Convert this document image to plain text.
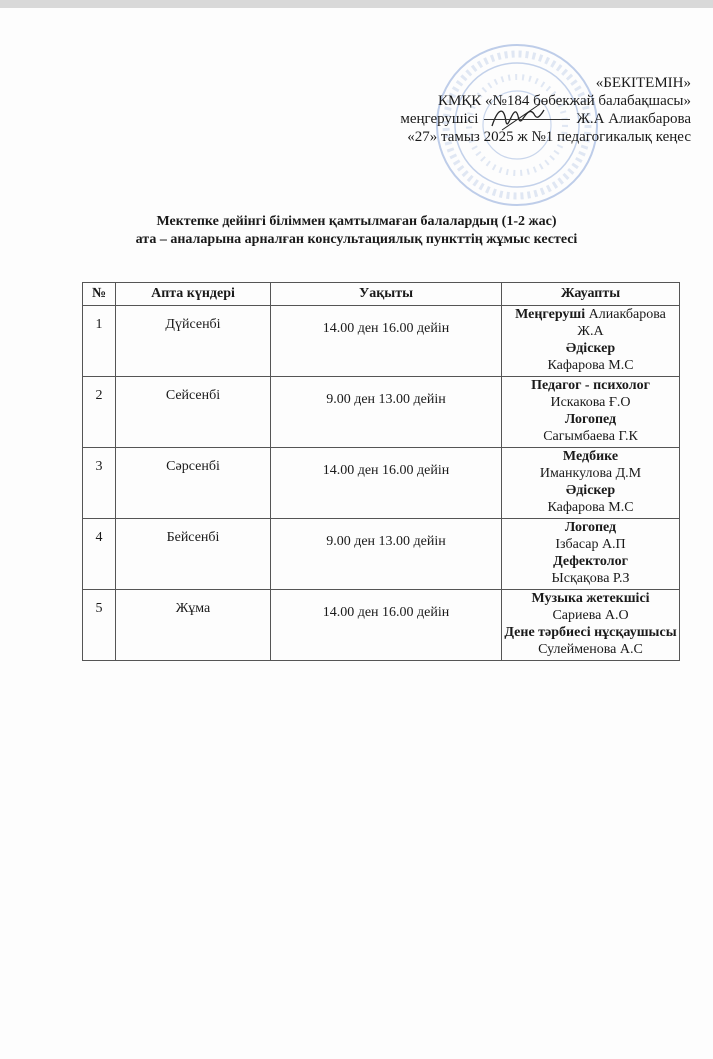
«БЕКІТЕМІН»
КМҚК «№184 бөбекжай балабақшасы»
меңгерушісі	Ж.А Алиакбарова
«27» тамыз 2025 ж №1 педагогикалық кеңес
Мектепке дейінгі біліммен қамтылмаған балалардың (1-2 жас)
ата – аналарына арналған консультациялық пункттің жұмыс кестесі
№	Апта күндері	Уақыты	Жауапты

1	Дүйсенбі	14.00 ден 16.00 дейін	Меңгеруші Алиакбарова Ж.А
Әдіскер
Кафарова М.С

2	Сейсенбі	9.00 ден 13.00 дейін	Педагог - психолог
Искакова Ғ.О
Логопед
Сагымбаева Г.К

3	Сәрсенбі	14.00 ден 16.00 дейін	Медбике
Иманкулова Д.М
Әдіскер
Кафарова М.С

4	Бейсенбі	9.00 ден 13.00 дейін	Логопед
Ізбасар А.П
Дефектолог
Ысқақова Р.З

5	Жұма	14.00 ден 16.00 дейін	Музыка жетекшісі
Сариева А.О
Дене тәрбиесі нұсқаушысы
Сулейменова А.С
